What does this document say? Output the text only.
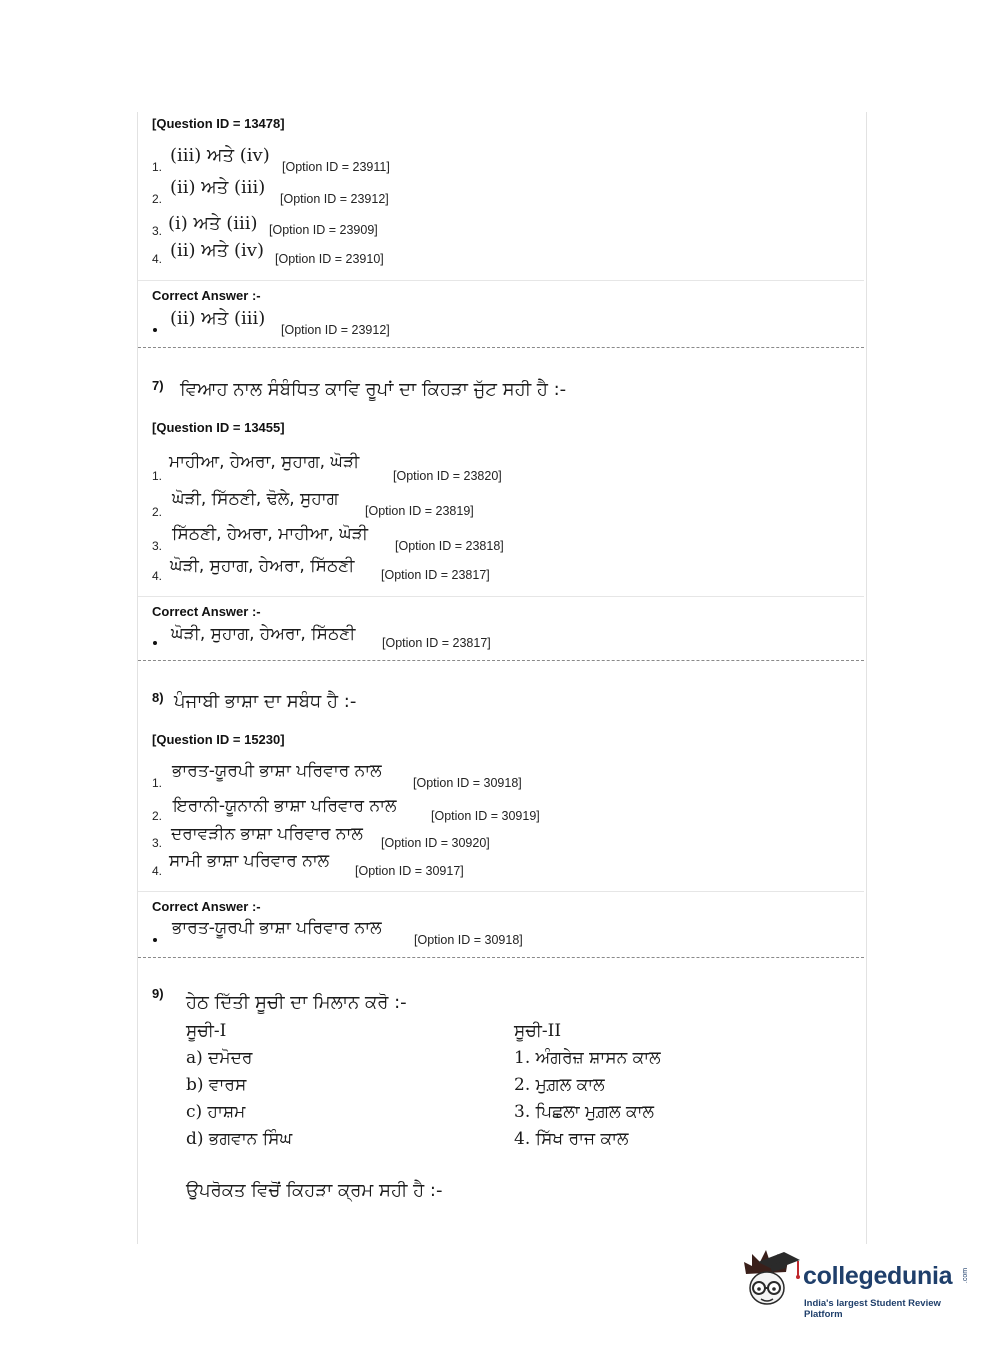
[Question ID = 13478]
1.
(iii) ਅਤੇ (iv)
[Option ID = 23911]
2.
(ii) ਅਤੇ (iii)
[Option ID = 23912]
3. (i) ਅਤੇ (iii) [Option ID = 23909]
4. (ii) ਅਤੇ (iv) [Option ID = 23910]
Correct Answer :-
(ii) ਅਤੇ (iii)
[Option ID = 23912]
7) ਵਿਆਹ ਨਾਲ ਸੰਬੰਧਿਤ ਕਾਵਿ ਰੂਪਾਂ ਦਾ ਕਿਹੜਾ ਜੁੱਟ ਸਹੀ ਹੈ :-
[Question ID = 13455]
1.
ਮਾਹੀਆ, ਹੇਅਰਾ, ਸੁਹਾਗ, ਘੋੜੀ
[Option ID = 23820]
2.
ਘੋੜੀ, ਸਿੱਠਣੀ, ਢੋਲੇ, ਸੁਹਾਗ
[Option ID = 23819]
3.
ਸਿੱਠਣੀ, ਹੇਅਰਾ, ਮਾਹੀਆ, ਘੋੜੀ
[Option ID = 23818]
4. ਘੋੜੀ, ਸੁਹਾਗ, ਹੇਅਰਾ, ਸਿੱਠਣੀ [Option ID = 23817]
Correct Answer :-
ਘੋੜੀ, ਸੁਹਾਗ, ਹੇਅਰਾ, ਸਿੱਠਣੀ [Option ID = 23817]
8) ਪੰਜਾਬੀ ਭਾਸ਼ਾ ਦਾ ਸਬੰਧ ਹੈ :-
[Question ID = 15230]
1.
ਭਾਰਤ-ਯੂਰਪੀ ਭਾਸ਼ਾ ਪਰਿਵਾਰ ਨਾਲ
[Option ID = 30918]
2. ਇਰਾਨੀ-ਯੂਨਾਨੀ ਭਾਸ਼ਾ ਪਰਿਵਾਰ ਨਾਲ	[Option ID = 30919]
3. ਦਰਾਵੜੀਨ ਭਾਸ਼ਾ ਪਰਿਵਾਰ ਨਾਲ [Option ID = 30920]
4. ਸਾਮੀ ਭਾਸ਼ਾ ਪਰਿਵਾਰ ਨਾਲ [Option ID = 30917]
Correct Answer :-
ਭਾਰਤ-ਯੂਰਪੀ ਭਾਸ਼ਾ ਪਰਿਵਾਰ ਨਾਲ
[Option ID = 30918]
9) ਹੇਠ ਦਿੱਤੀ ਸੂਚੀ ਦਾ ਮਿਲਾਨ ਕਰੋ :-
ਸੂਚੀ-I	ਸੂਚੀ-II
a) ਦਮੋਦਰ
b) ਵਾਰਸ
c) ਹਾਸ਼ਮ
d) ਭਗਵਾਨ ਸਿੰਘ
1. ਅੰਗਰੇਜ਼ ਸ਼ਾਸਨ ਕਾਲ
2. ਮੁਗ਼ਲ ਕਾਲ
3. ਪਿਛਲਾ ਮੁਗ਼ਲ ਕਾਲ
4. ਸਿੱਖ ਰਾਜ ਕਾਲ
ਉਪਰੋਕਤ ਵਿਚੋਂ ਕਿਹੜਾ ਕ੍ਰਮ ਸਹੀ ਹੈ :-
collegedunia .com
India's largest Student Review Platform
